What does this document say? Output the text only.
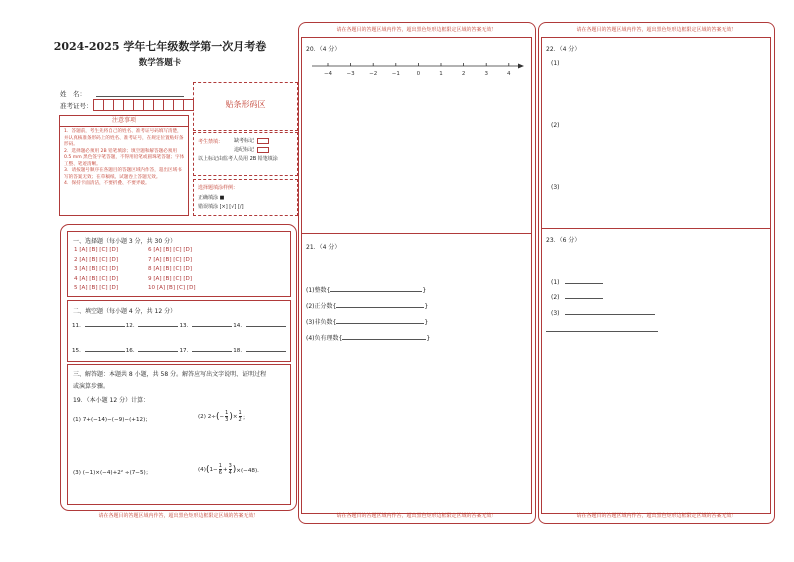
2024-2025 学年七年级数学第一次月考卷
数学答题卡
姓　名：
准考证号：	贴条形码区
注意事项
1．答题前，考生先将自己的姓名、准考证号码填写清楚，并认真核准条形码上的姓名、准考证号，在规定位置贴好条形码。
2．选择题必须用 2B 铅笔填涂；填空题和解答题必须用 0.5 mm 黑色签字笔答题，不得用铅笔或圆珠笔答题；字体工整、笔迹清晰。
3．请按题号顺序在各题目的答题区域内作答，超出区域书写的答案无效；在草稿纸、试题卷上答题无效。
4．保持卡面清洁，不要折叠、不要弄破。
考生禁填： 缺考标记
违纪标记
以上标记由监考人员用 2B 铅笔填涂
选择题填涂样例：
正确填涂 ■
错误填涂 [×] [√] [/]
一、选择题（每小题 3 分，共 30 分）
1 [A] [B] [C] [D]
2 [A] [B] [C] [D]
3 [A] [B] [C] [D]
4 [A] [B] [C] [D]
5 [A] [B] [C] [D]
6 [A] [B] [C] [D]
7 [A] [B] [C] [D]
8 [A] [B] [C] [D]
9 [A] [B] [C] [D]
10 [A] [B] [C] [D]
二、填空题（每小题 4 分，共 12 分）
11．	12．	13．	14．
15．	16．	17．	18．
三、解答题：本题共 8 小题，共 58 分。解答应写出文字说明、证明过程
或演算步骤。
19．（本小题 12 分）计算：
(1) 7+(−14)−(−9)−(+12)；
(2) 2÷ ( − $\frac{1}{3}$ ) × $\frac{1}{2}$ ；
(3) (−1)×(−4)+2² ÷(7−5)；
(4) ( $1- \frac{1}{6} + \frac{3}{4}$ ) ×(−48)．
请在各题目的答题区域内作答，超出黑色矩形边框限定区域的答案无效！
请在各题目的答题区域内作答，超出黑色矩形边框限定区域的答案无效！
20．（4 分）
−4	−3	−2	−1	0	1	2	3	4
21．（4 分）
(1)整数{	}
(2)正分数{	}
(3)非负数{	}
(4)负有理数{	}
请在各题目的答题区域内作答，超出黑色矩形边框限定区域的答案无效！
请在各题目的答题区域内作答，超出黑色矩形边框限定区域的答案无效！
22．（4 分）
(1)
(2)
(3)
23．（6 分）
(1)
(2)
(3)
请在各题目的答题区域内作答，超出黑色矩形边框限定区域的答案无效！
